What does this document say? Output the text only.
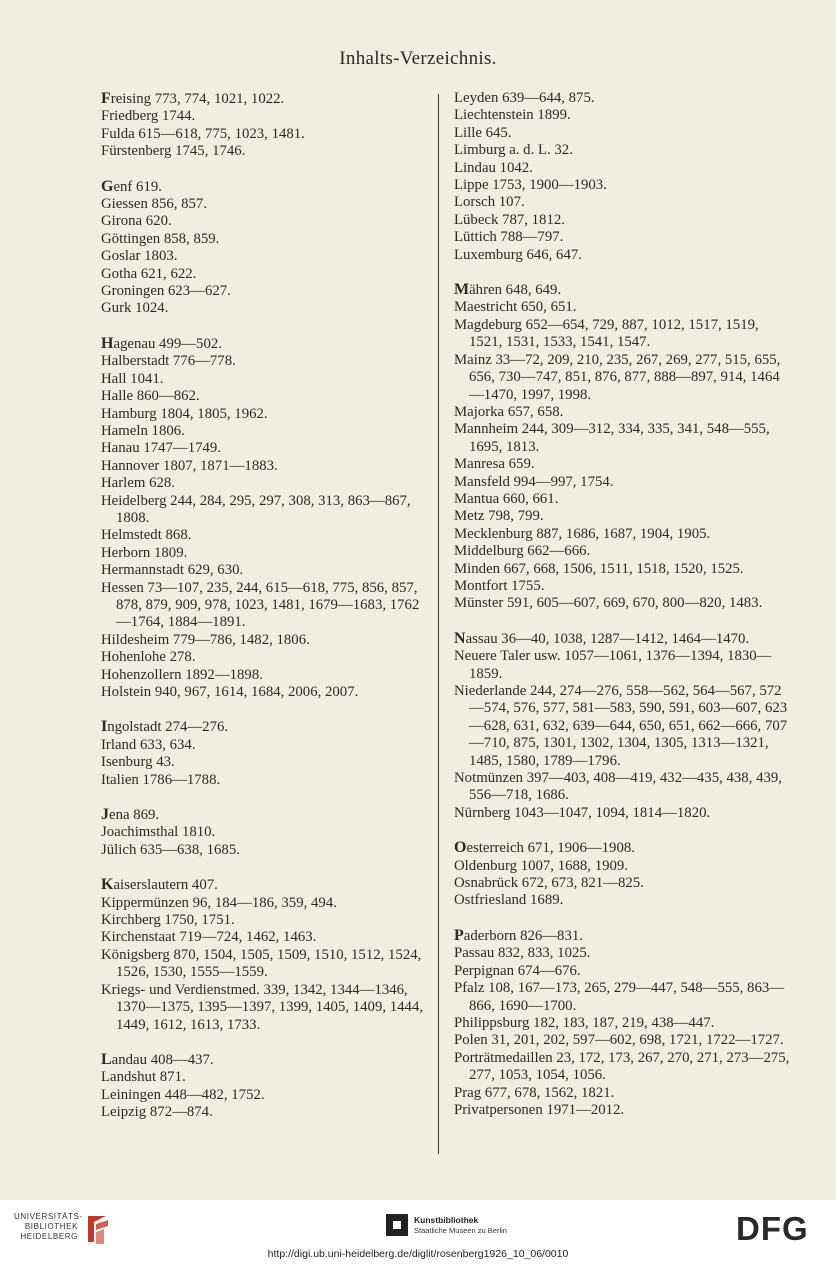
Inhalts-Verzeichnis.
Freising 773, 774, 1021, 1022.
Friedberg 1744.
Fulda 615—618, 775, 1023, 1481.
Fürstenberg 1745, 1746.
Genf 619.
Giessen 856, 857.
Girona 620.
Göttingen 858, 859.
Goslar 1803.
Gotha 621, 622.
Groningen 623—627.
Gurk 1024.
Hagenau 499—502.
Halberstadt 776—778.
Hall 1041.
Halle 860—862.
Hamburg 1804, 1805, 1962.
Hameln 1806.
Hanau 1747—1749.
Hannover 1807, 1871—1883.
Harlem 628.
Heidelberg 244, 284, 295, 297, 308, 313, 863—867, 1808.
Helmstedt 868.
Herborn 1809.
Hermannstadt 629, 630.
Hessen 73—107, 235, 244, 615—618, 775, 856, 857, 878, 879, 909, 978, 1023, 1481, 1679—1683, 1762—1764, 1884—1891.
Hildesheim 779—786, 1482, 1806.
Hohenlohe 278.
Hohenzollern 1892—1898.
Holstein 940, 967, 1614, 1684, 2006, 2007.
Ingolstadt 274—276.
Irland 633, 634.
Isenburg 43.
Italien 1786—1788.
Jena 869.
Joachimsthal 1810.
Jülich 635—638, 1685.
Kaiserslautern 407.
Kippermünzen 96, 184—186, 359, 494.
Kirchberg 1750, 1751.
Kirchenstaat 719—724, 1462, 1463.
Königsberg 870, 1504, 1505, 1509, 1510, 1512, 1524, 1526, 1530, 1555—1559.
Kriegs- und Verdienstmed. 339, 1342, 1344—1346, 1370—1375, 1395—1397, 1399, 1405, 1409, 1444, 1449, 1612, 1613, 1733.
Landau 408—437.
Landshut 871.
Leiningen 448—482, 1752.
Leipzig 872—874.
Leyden 639—644, 875.
Liechtenstein 1899.
Lille 645.
Limburg a. d. L. 32.
Lindau 1042.
Lippe 1753, 1900—1903.
Lorsch 107.
Lübeck 787, 1812.
Lüttich 788—797.
Luxemburg 646, 647.
Mähren 648, 649.
Maestricht 650, 651.
Magdeburg 652—654, 729, 887, 1012, 1517, 1519, 1521, 1531, 1533, 1541, 1547.
Mainz 33—72, 209, 210, 235, 267, 269, 277, 515, 655, 656, 730—747, 851, 876, 877, 888—897, 914, 1464—1470, 1997, 1998.
Majorka 657, 658.
Mannheim 244, 309—312, 334, 335, 341, 548—555, 1695, 1813.
Manresa 659.
Mansfeld 994—997, 1754.
Mantua 660, 661.
Metz 798, 799.
Mecklenburg 887, 1686, 1687, 1904, 1905.
Middelburg 662—666.
Minden 667, 668, 1506, 1511, 1518, 1520, 1525.
Montfort 1755.
Münster 591, 605—607, 669, 670, 800—820, 1483.
Nassau 36—40, 1038, 1287—1412, 1464—1470.
Neuere Taler usw. 1057—1061, 1376—1394, 1830—1859.
Niederlande 244, 274—276, 558—562, 564—567, 572—574, 576, 577, 581—583, 590, 591, 603—607, 623—628, 631, 632, 639—644, 650, 651, 662—666, 707—710, 875, 1301, 1302, 1304, 1305, 1313—1321, 1485, 1580, 1789—1796.
Notmünzen 397—403, 408—419, 432—435, 438, 439, 556—718, 1686.
Nürnberg 1043—1047, 1094, 1814—1820.
Oesterreich 671, 1906—1908.
Oldenburg 1007, 1688, 1909.
Osnabrück 672, 673, 821—825.
Ostfriesland 1689.
Paderborn 826—831.
Passau 832, 833, 1025.
Perpignan 674—676.
Pfalz 108, 167—173, 265, 279—447, 548—555, 863—866, 1690—1700.
Philippsburg 182, 183, 187, 219, 438—447.
Polen 31, 201, 202, 597—602, 698, 1721, 1722—1727.
Porträtmedaillen 23, 172, 173, 267, 270, 271, 273—275, 277, 1053, 1054, 1056.
Prag 677, 678, 1562, 1821.
Privatpersonen 1971—2012.
UNIVERSITÄTS-
BIBLIOTHEK
HEIDELBERG
Kunstbibliothek
Staatliche Museen zu Berlin	DFG
http://digi.ub.uni-heidelberg.de/diglit/rosenberg1926_10_06/0010
